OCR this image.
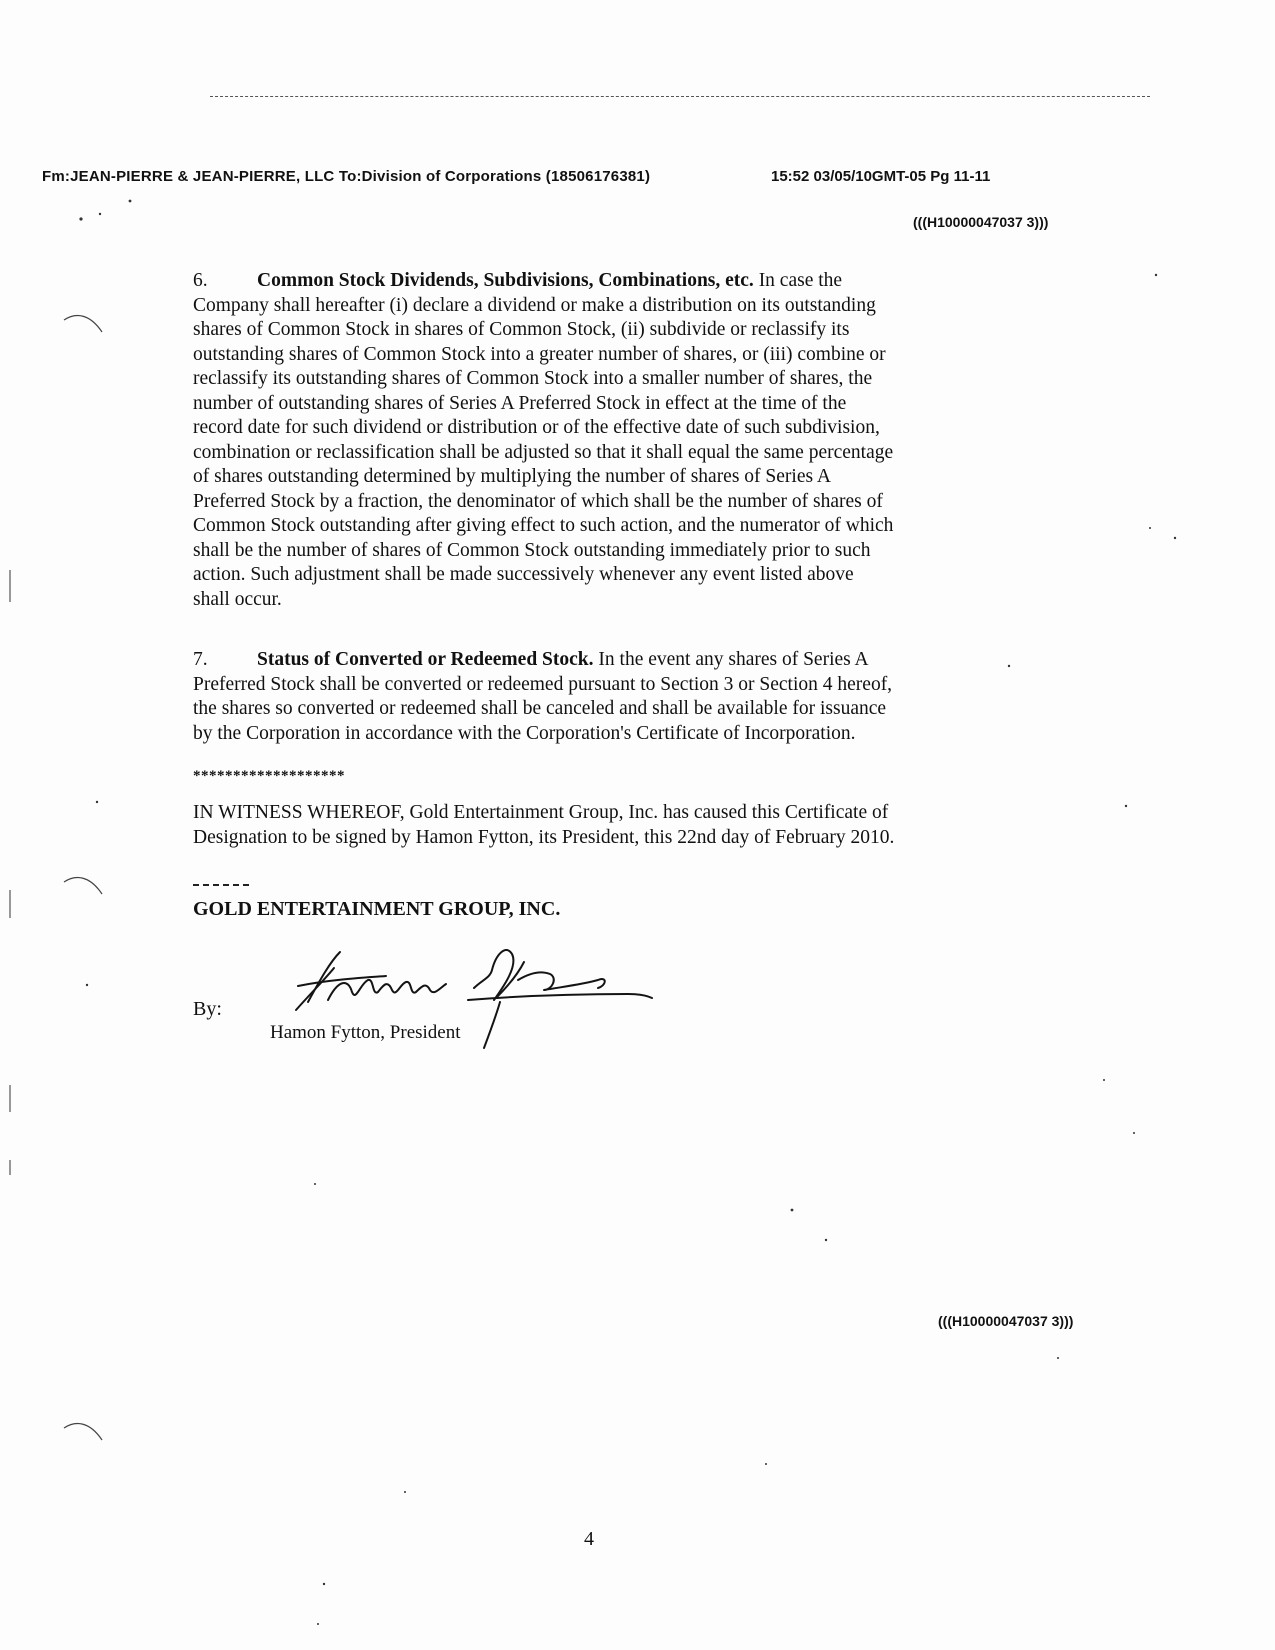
Fm:JEAN-PIERRE & JEAN-PIERRE, LLC To:Division of Corporations (18506176381)	15:52 03/05/10GMT-05 Pg 11-11
(((H10000047037 3)))
6.	Common Stock Dividends, Subdivisions, Combinations, etc. In case the
Company shall hereafter (i) declare a dividend or make a distribution on its outstanding
shares of Common Stock in shares of Common Stock, (ii) subdivide or reclassify its
outstanding shares of Common Stock into a greater number of shares, or (iii) combine or
reclassify its outstanding shares of Common Stock into a smaller number of shares, the
number of outstanding shares of Series A Preferred Stock in effect at the time of the
record date for such dividend or distribution or of the effective date of such subdivision,
combination or reclassification shall be adjusted so that it shall equal the same percentage
of shares outstanding determined by multiplying the number of shares of Series A
Preferred Stock by a fraction, the denominator of which shall be the number of shares of
Common Stock outstanding after giving effect to such action, and the numerator of which
shall be the number of shares of Common Stock outstanding immediately prior to such
action. Such adjustment shall be made successively whenever any event listed above
shall occur.
7.	Status of Converted or Redeemed Stock. In the event any shares of Series A
Preferred Stock shall be converted or redeemed pursuant to Section 3 or Section 4 hereof,
the shares so converted or redeemed shall be canceled and shall be available for issuance
by the Corporation in accordance with the Corporation's Certificate of Incorporation.
*******************
IN WITNESS WHEREOF, Gold Entertainment Group, Inc. has caused this Certificate of
Designation to be signed by Hamon Fytton, its President, this 22nd day of February 2010.
GOLD ENTERTAINMENT GROUP, INC.
By:
Hamon Fytton, President
(((H10000047037 3)))
4
